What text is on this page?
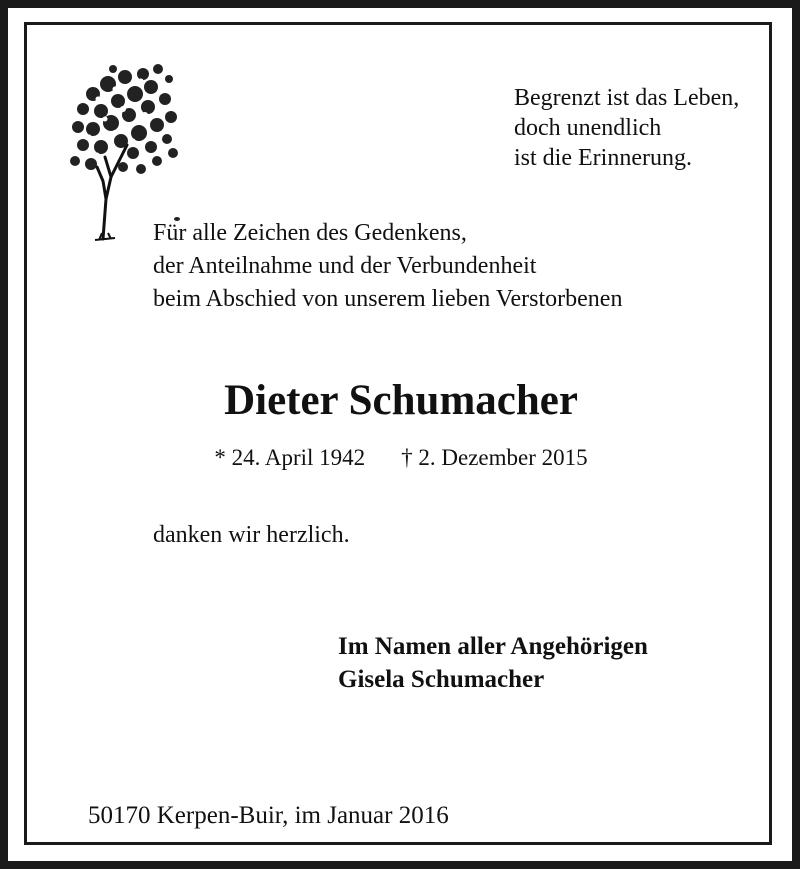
Begrenzt ist das Leben,
doch unendlich
ist die Erinnerung.
Für alle Zeichen des Gedenkens,
der Anteilnahme und der Verbundenheit
beim Abschied von unserem lieben Verstorbenen
Dieter Schumacher
* 24. April 1942 † 2. Dezember 2015
danken wir herzlich.
Im Namen aller Angehörigen
Gisela Schumacher
50170 Kerpen-Buir, im Januar 2016
